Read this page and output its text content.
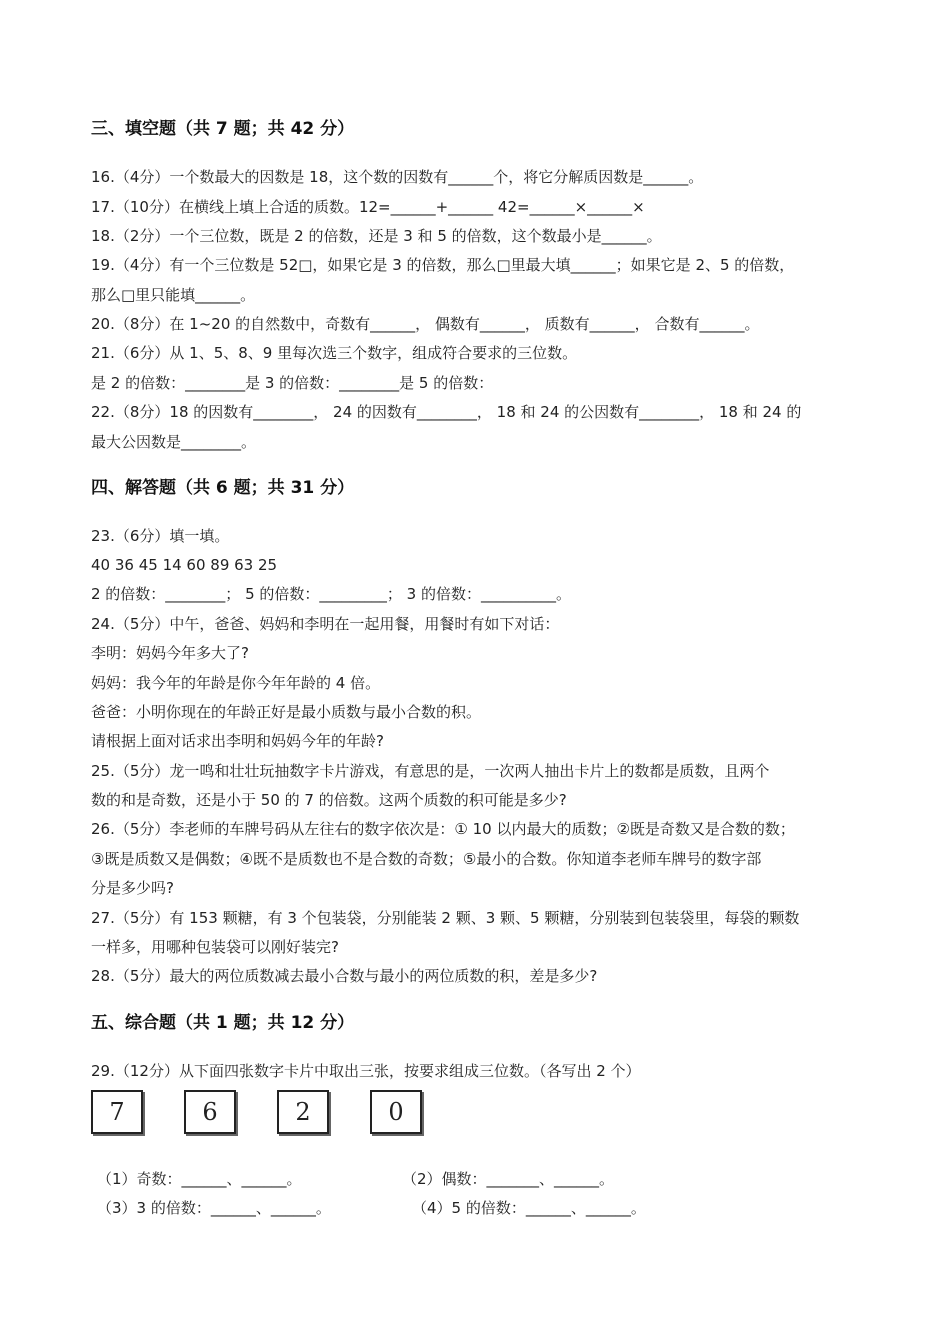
三、填空题（共 7 题；共 42 分）
16.（4分）一个数最大的因数是 18，这个数的因数有______个，将它分解质因数是______。
17.（10分）在横线上填上合适的质数。12=______+______ 42=______×______×
18.（2分）一个三位数，既是 2 的倍数，还是 3 和 5 的倍数，这个数最小是______。
19.（4分）有一个三位数是 52□，如果它是 3 的倍数，那么□里最大填______；如果它是 2、5 的倍数，
那么□里只能填______。
20.（8分）在 1~20 的自然数中，奇数有______， 偶数有______， 质数有______， 合数有______。
21.（6分）从 1、5、8、9 里每次选三个数字，组成符合要求的三位数。
是 2 的倍数：________是 3 的倍数：________是 5 的倍数：
22.（8分）18 的因数有________， 24 的因数有________， 18 和 24 的公因数有________， 18 和 24 的
最大公因数是________。
四、解答题（共 6 题；共 31 分）
23.（6分）填一填。
40 36 45 14 60 89 63 25
2 的倍数：________； 5 的倍数：_________； 3 的倍数：__________。
24.（5分）中午，爸爸、妈妈和李明在一起用餐，用餐时有如下对话：
李明：妈妈今年多大了?
妈妈：我今年的年龄是你今年年龄的 4 倍。
爸爸：小明你现在的年龄正好是最小质数与最小合数的积。
请根据上面对话求出李明和妈妈今年的年龄?
25.（5分）龙一鸣和壮壮玩抽数字卡片游戏，有意思的是，一次两人抽出卡片上的数都是质数，且两个
数的和是奇数，还是小于 50 的 7 的倍数。这两个质数的积可能是多少?
26.（5分）李老师的车牌号码从左往右的数字依次是：① 10 以内最大的质数；②既是奇数又是合数的数；
③既是质数又是偶数；④既不是质数也不是合数的奇数；⑤最小的合数。你知道李老师车牌号的数字部
分是多少吗?
27.（5分）有 153 颗糖，有 3 个包装袋，分别能装 2 颗、3 颗、5 颗糖，分别装到包装袋里，每袋的颗数
一样多，用哪种包装袋可以刚好装完?
28.（5分）最大的两位质数减去最小合数与最小的两位质数的积，差是多少?
五、综合题（共 1 题；共 12 分）
29.（12分）从下面四张数字卡片中取出三张，按要求组成三位数。（各写出 2 个）
7	6	2	0
（1）奇数：______、______。	（2）偶数：_______、______。
（3）3 的倍数：______、______。	（4）5 的倍数：______、______。
